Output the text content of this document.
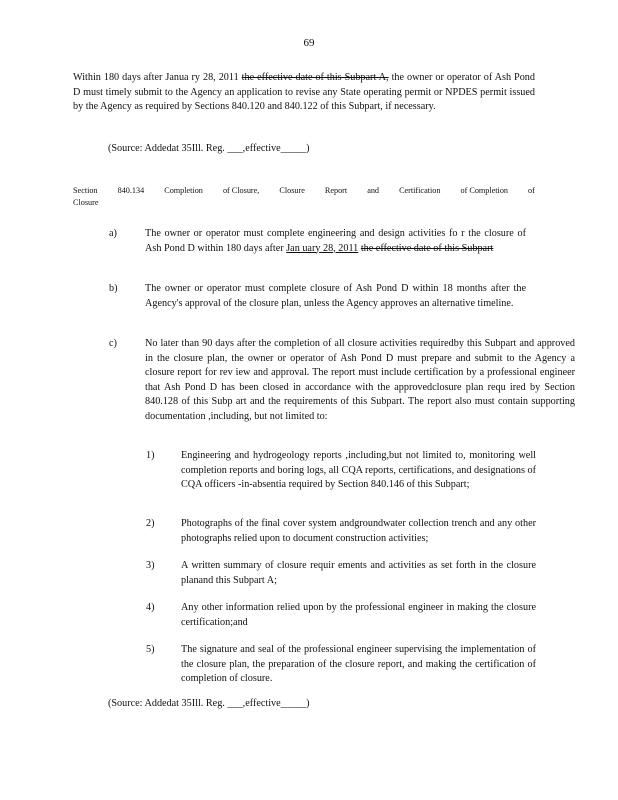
69
Within 180 days after Janua ry 28, 2011 the effective date of this Subpart A, the owner or operator of Ash Pond D must timely submit to the Agency an application to revise any State operating permit or NPDES permit issued by the Agency as required by Sections 840.120 and 840.122 of this Subpart, if necessary.
(Source: Addedat 35Ill. Reg. ___,effective_____)
Section 840.134 Completion of Closure, Closure Report and Certification of Completion of
Closure
a)	The owner or operator must complete engineering and design activities fo r the closure of Ash Pond D within 180 days after Jan uary 28, 2011 the effective date of this Subpart
b)	The owner or operator must complete closure of Ash Pond D within 18 months after the Agency's approval of the closure plan, unless the Agency approves an alternative timeline.
c)	No later than 90 days after the completion of all closure activities requiredby this Subpart and approved in the closure plan, the owner or operator of Ash Pond D must prepare and submit to the Agency a closure report for rev iew and approval. The report must include certification by a professional engineer that Ash Pond D has been closed in accordance with the approvedclosure plan requ ired by Section 840.128 of this Subp art and the requirements of this Subpart. The report also must contain supporting documentation ,including, but not limited to:
1)	Engineering and hydrogeology reports ,including,but not limited to, monitoring well completion reports and boring logs, all CQA reports, certifications, and designations of CQA officers -in-absentia required by Section 840.146 of this Subpart;
2)	Photographs of the final cover system andgroundwater collection trench and any other photographs relied upon to document construction activities;
3)	A written summary of closure requir ements and activities as set forth in the closure planand this Subpart A;
4)	Any other information relied upon by the professional engineer in making the closure certification;and
5)	The signature and seal of the professional engineer supervising the implementation of the closure plan, the preparation of the closure report, and making the certification of completion of closure.
(Source: Addedat 35Ill. Reg. ___,effective_____)
